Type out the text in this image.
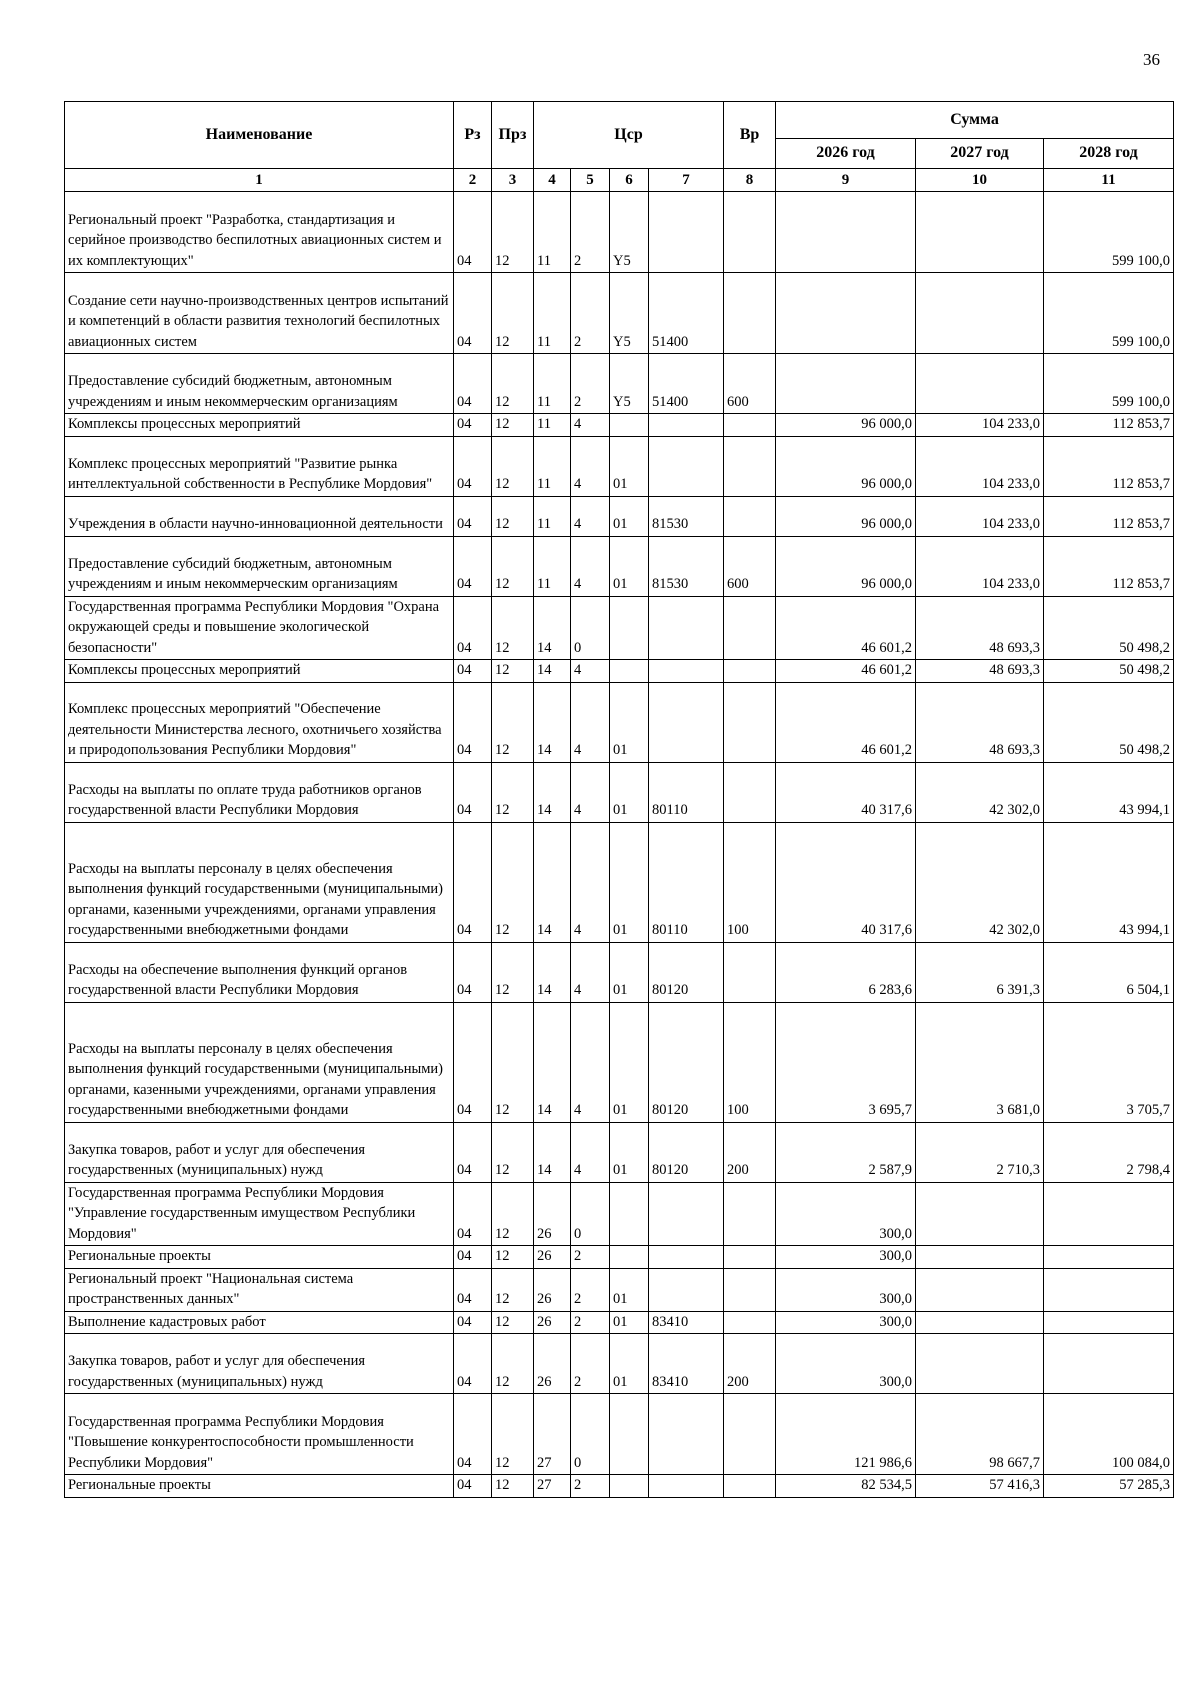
36
Наименование	Рз	Прз	Цср				Вр	Сумма		
								2026 год	2027 год	2028 год
1	2	3	4	5	6	7	8	9	10	11
Региональный проект "Разработка, стандартизация и серийное производство беспилотных авиационных систем и их комплектующих"	04	12	11	2	Y5					599 100,0
Создание сети научно-производственных центров испытаний и компетенций в области развития технологий беспилотных авиационных систем	04	12	11	2	Y5	51400				599 100,0
Предоставление субсидий бюджетным, автономным учреждениям и иным некоммерческим организациям	04	12	11	2	Y5	51400	600			599 100,0
Комплексы процессных мероприятий	04	12	11	4				96 000,0	104 233,0	112 853,7
Комплекс процессных мероприятий "Развитие рынка интеллектуальной собственности в Республике Мордовия"	04	12	11	4	01			96 000,0	104 233,0	112 853,7
Учреждения в области научно-инновационной деятельности	04	12	11	4	01	81530		96 000,0	104 233,0	112 853,7
Предоставление субсидий бюджетным, автономным учреждениям и иным некоммерческим организациям	04	12	11	4	01	81530	600	96 000,0	104 233,0	112 853,7
Государственная программа Республики Мордовия "Охрана окружающей среды и повышение экологической безопасности"	04	12	14	0				46 601,2	48 693,3	50 498,2
Комплексы процессных мероприятий	04	12	14	4				46 601,2	48 693,3	50 498,2
Комплекс процессных мероприятий "Обеспечение деятельности Министерства лесного, охотничьего хозяйства и природопользования Республики Мордовия"	04	12	14	4	01			46 601,2	48 693,3	50 498,2
Расходы на выплаты по оплате труда работников органов государственной власти Республики Мордовия	04	12	14	4	01	80110		40 317,6	42 302,0	43 994,1
Расходы на выплаты персоналу в целях обеспечения выполнения функций государственными (муниципальными) органами, казенными учреждениями, органами управления государственными внебюджетными фондами	04	12	14	4	01	80110	100	40 317,6	42 302,0	43 994,1
Расходы на обеспечение выполнения функций органов государственной власти Республики Мордовия	04	12	14	4	01	80120		6 283,6	6 391,3	6 504,1
Расходы на выплаты персоналу в целях обеспечения выполнения функций государственными (муниципальными) органами, казенными учреждениями, органами управления государственными внебюджетными фондами	04	12	14	4	01	80120	100	3 695,7	3 681,0	3 705,7
Закупка товаров, работ и услуг для обеспечения государственных (муниципальных) нужд	04	12	14	4	01	80120	200	2 587,9	2 710,3	2 798,4
Государственная программа Республики Мордовия "Управление государственным имуществом Республики Мордовия"	04	12	26	0				300,0		
Региональные проекты	04	12	26	2				300,0		
Региональный проект "Национальная система пространственных данных"	04	12	26	2	01			300,0		
Выполнение кадастровых работ	04	12	26	2	01	83410		300,0		
Закупка товаров, работ и услуг для обеспечения государственных (муниципальных) нужд	04	12	26	2	01	83410	200	300,0		
Государственная программа Республики Мордовия "Повышение конкурентоспособности промышленности Республики Мордовия"	04	12	27	0				121 986,6	98 667,7	100 084,0
Региональные проекты	04	12	27	2				82 534,5	57 416,3	57 285,3
